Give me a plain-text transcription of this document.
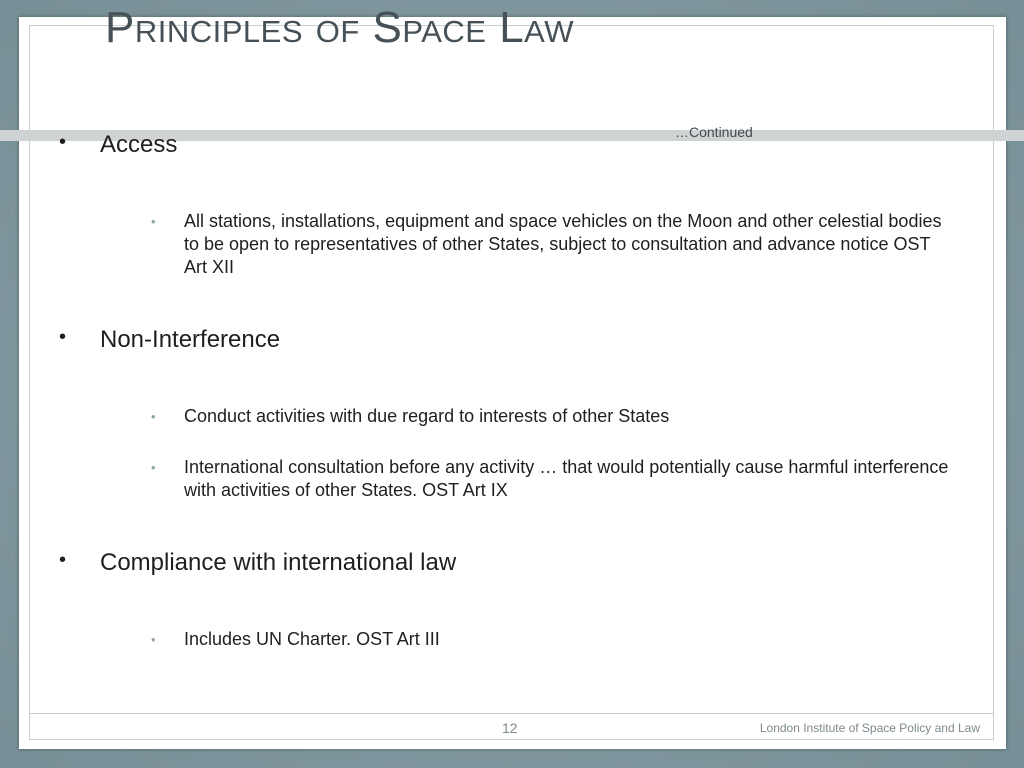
Principles of Space Law
…Continued
•	Access
• All stations, installations, equipment and space vehicles on the Moon and other celestial bodies to be open to representatives of other States, subject to consultation and advance notice OST Art XII
•	Non-Interference
• Conduct activities with due regard to interests of other States
• International consultation before any activity … that would potentially cause harmful interference with activities of other States. OST Art IX
•	Compliance with international law
• Includes UN Charter. OST Art III
12	London Institute of Space Policy and Law
